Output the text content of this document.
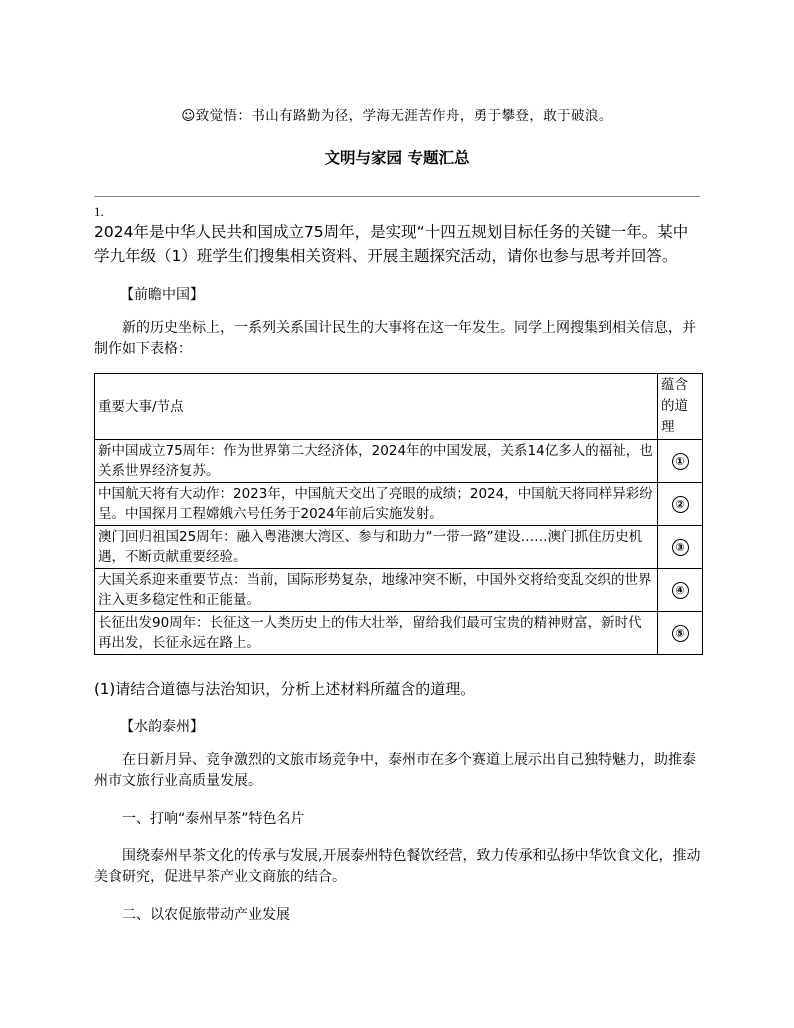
☺致觉悟：书山有路勤为径，学海无涯苦作舟，勇于攀登，敢于破浪。
文明与家园 专题汇总
1.
2024年是中华人民共和国成立75周年，是实现“十四五规划目标任务的关键一年。某中学九年级（1）班学生们搜集相关资料、开展主题探究活动，请你也参与思考并回答。
【前瞻中国】
新的历史坐标上，一系列关系国计民生的大事将在这一年发生。同学上网搜集到相关信息，并制作如下表格：
重要大事/节点	蕴含的道理
新中国成立75周年：作为世界第二大经济体，2024年的中国发展，关系14亿多人的福祉，也关系世界经济复苏。	①
中国航天将有大动作：2023年，中国航天交出了亮眼的成绩；2024，中国航天将同样异彩纷呈。中国探月工程嫦娥六号任务于2024年前后实施发射。	②
澳门回归祖国25周年：融入粤港澳大湾区、参与和助力“一带一路”建设……澳门抓住历史机遇，不断贡献重要经验。	③
大国关系迎来重要节点：当前，国际形势复杂，地缘冲突不断，中国外交将给变乱交织的世界注入更多稳定性和正能量。	④
长征出发90周年：长征这一人类历史上的伟大壮举，留给我们最可宝贵的精神财富，新时代再出发，长征永远在路上。	⑤
(1)请结合道德与法治知识，分析上述材料所蕴含的道理。
【水韵泰州】
在日新月异、竞争激烈的文旅市场竞争中，泰州市在多个赛道上展示出自己独特魅力，助推泰州市文旅行业高质量发展。
一、打响“泰州早茶”特色名片
围绕泰州早茶文化的传承与发展,开展泰州特色餐饮经营，致力传承和弘扬中华饮食文化，推动美食研究，促进早茶产业文商旅的结合。
二、以农促旅带动产业发展
